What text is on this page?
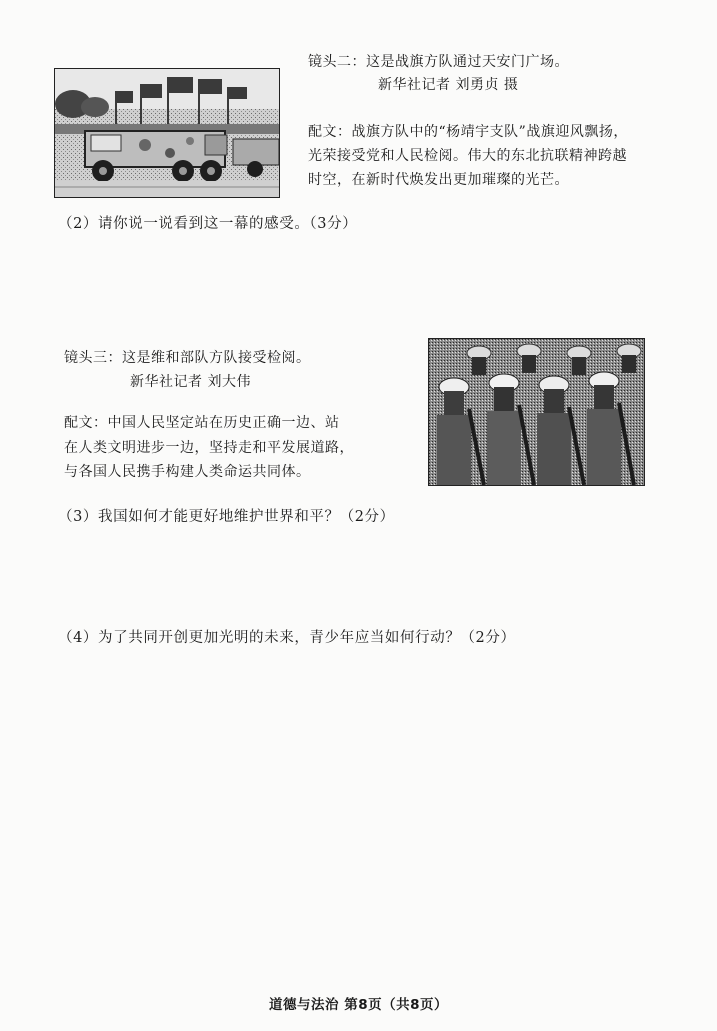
镜头二：这是战旗方队通过天安门广场。
新华社记者 刘勇贞 摄
配文：战旗方队中的“杨靖宇支队”战旗迎风飘扬，
光荣接受党和人民检阅。伟大的东北抗联精神跨越
时空，在新时代焕发出更加璀璨的光芒。
（2）请你说一说看到这一幕的感受。（3分）
镜头三：这是维和部队方队接受检阅。
新华社记者 刘大伟
配文：中国人民坚定站在历史正确一边、站
在人类文明进步一边，坚持走和平发展道路，
与各国人民携手构建人类命运共同体。
（3）我国如何才能更好地维护世界和平？（2分）
（4）为了共同开创更加光明的未来，青少年应当如何行动？（2分）
道德与法治 第8页（共8页）
